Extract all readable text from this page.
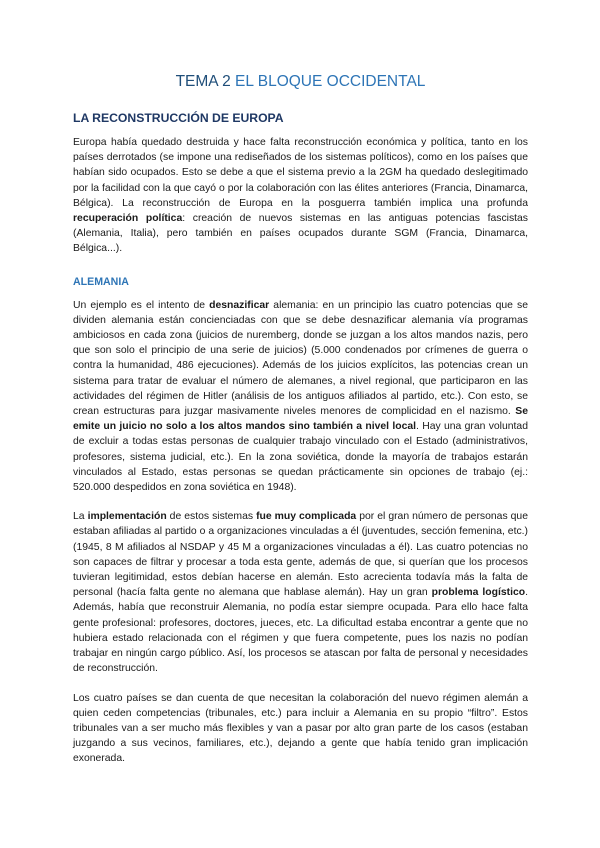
TEMA 2 EL BLOQUE OCCIDENTAL
LA RECONSTRUCCIÓN DE EUROPA

Europa había quedado destruida y hace falta reconstrucción económica y política, tanto en los países derrotados (se impone una rediseñados de los sistemas políticos), como en los países que habían sido ocupados. Esto se debe a que el sistema previo a la 2GM ha quedado deslegitimado por la facilidad con la que cayó o por la colaboración con las élites anteriores (Francia, Dinamarca, Bélgica). La reconstrucción de Europa en la posguerra también implica una profunda recuperación política: creación de nuevos sistemas en las antiguas potencias fascistas (Alemania, Italia), pero también en países ocupados durante SGM (Francia, Dinamarca, Bélgica...).

ALEMANIA

Un ejemplo es el intento de desnazificar alemania: en un principio las cuatro potencias que se dividen alemania están concienciadas con que se debe desnazificar alemania vía programas ambiciosos en cada zona (juicios de nuremberg, donde se juzgan a los altos mandos nazis, pero que son solo el principio de una serie de juicios) (5.000 condenados por crímenes de guerra o contra la humanidad, 486 ejecuciones). Además de los juicios explícitos, las potencias crean un sistema para tratar de evaluar el número de alemanes, a nivel regional, que participaron en las actividades del régimen de Hitler (análisis de los antiguos afiliados al partido, etc.). Con esto, se crean estructuras para juzgar masivamente niveles menores de complicidad en el nazismo. Se emite un juicio no solo a los altos mandos sino también a nivel local. Hay una gran voluntad de excluir a todas estas personas de cualquier trabajo vinculado con el Estado (administrativos, profesores, sistema judicial, etc.). En la zona soviética, donde la mayoría de trabajos estarán vinculados al Estado, estas personas se quedan prácticamente sin opciones de trabajo (ej.: 520.000 despedidos en zona soviética en 1948).

La implementación de estos sistemas fue muy complicada por el gran número de personas que estaban afiliadas al partido o a organizaciones vinculadas a él (juventudes, sección femenina, etc.) (1945, 8 M afiliados al NSDAP y 45 M a organizaciones vinculadas a él). Las cuatro potencias no son capaces de filtrar y procesar a toda esta gente, además de que, si querían que los procesos tuvieran legitimidad, estos debían hacerse en alemán. Esto acrecienta todavía más la falta de personal (hacía falta gente no alemana que hablase alemán). Hay un gran problema logístico. Además, había que reconstruir Alemania, no podía estar siempre ocupada. Para ello hace falta gente profesional: profesores, doctores, jueces, etc. La dificultad estaba encontrar a gente que no hubiera estado relacionada con el régimen y que fuera competente, pues los nazis no podían trabajar en ningún cargo público. Así, los procesos se atascan por falta de personal y necesidades de reconstrucción.

Los cuatro países se dan cuenta de que necesitan la colaboración del nuevo régimen alemán a quien ceden competencias (tribunales, etc.) para incluir a Alemania en su propio “filtro”. Estos tribunales van a ser mucho más flexibles y van a pasar por alto gran parte de los casos (estaban juzgando a sus vecinos, familiares, etc.), dejando a gente que había tenido gran implicación exonerada.
